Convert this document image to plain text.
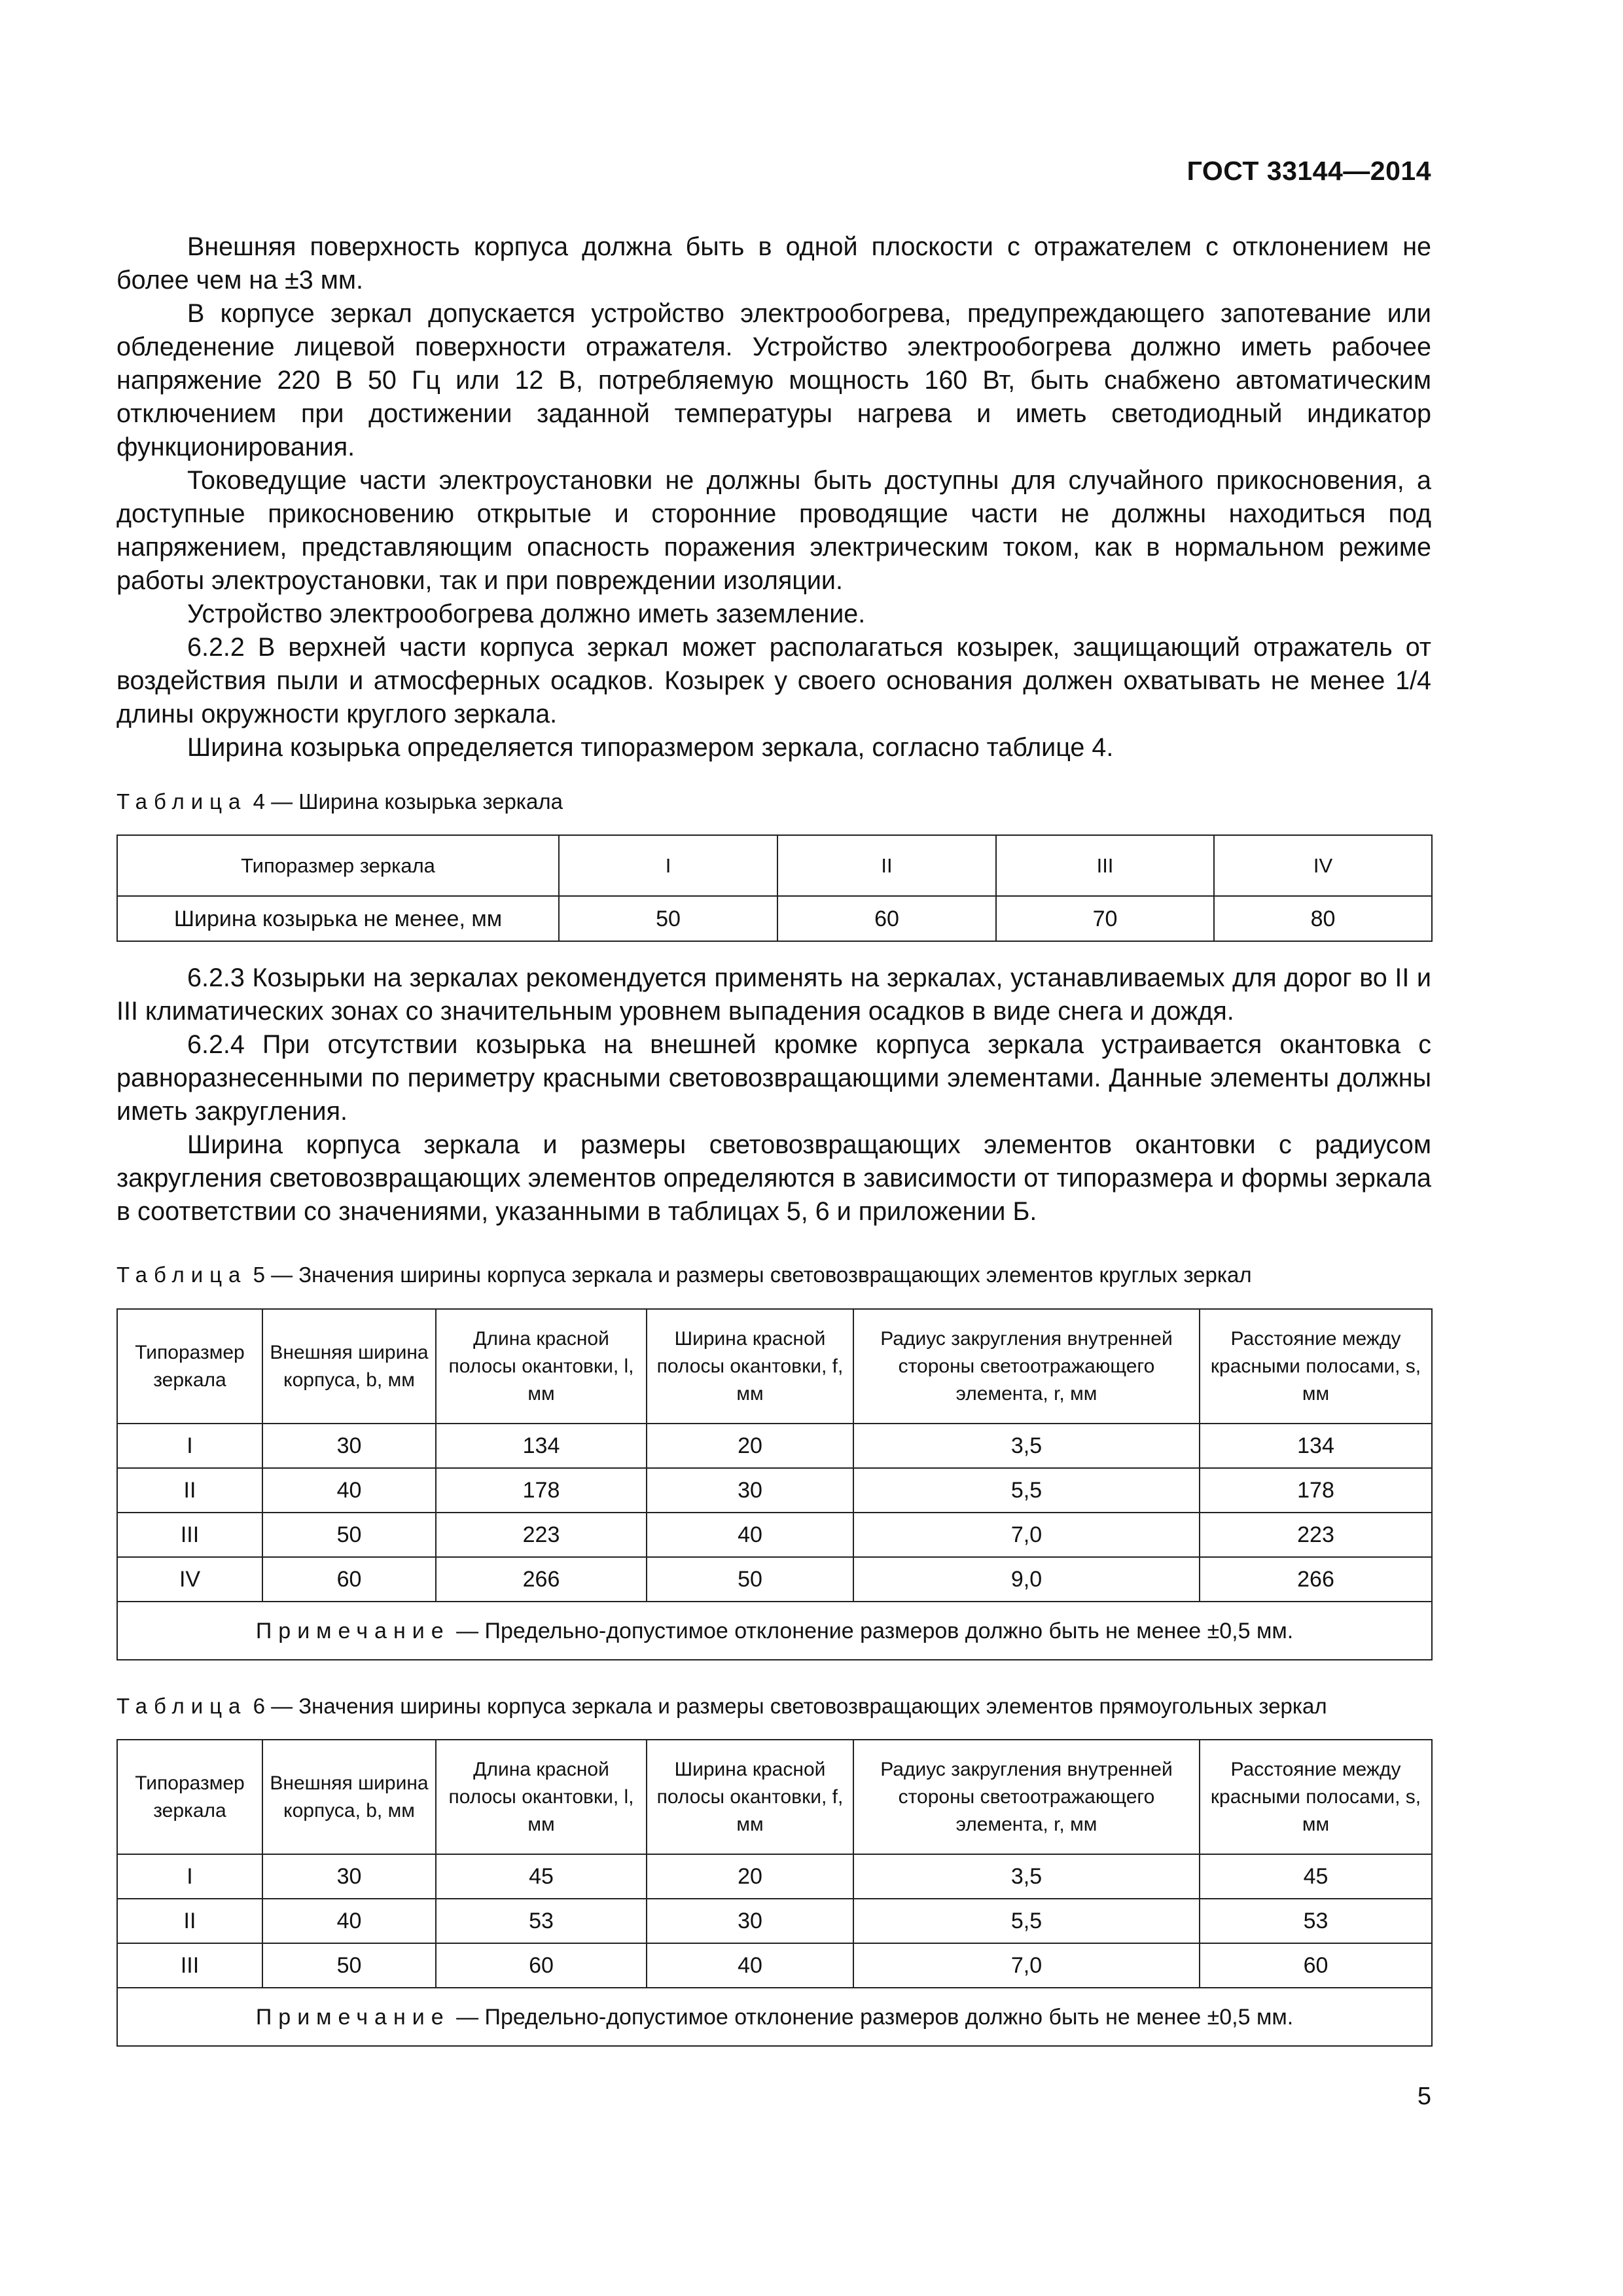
ГОСТ 33144—2014

Внешняя поверхность корпуса должна быть в одной плоскости с отражателем с отклонением не более чем на ±3 мм.

В корпусе зеркал допускается устройство электрообогрева, предупреждающего запотевание или обледенение лицевой поверхности отражателя. Устройство электрообогрева должно иметь рабочее напряжение 220 В 50 Гц или 12 В, потребляемую мощность 160 Вт, быть снабжено автоматическим отключением при достижении заданной температуры нагрева и иметь светодиодный индикатор функционирования.

Токоведущие части электроустановки не должны быть доступны для случайного прикосновения, а доступные прикосновению открытые и сторонние проводящие части не должны находиться под напряжением, представляющим опасность поражения электрическим током, как в нормальном режиме работы электроустановки, так и при повреждении изоляции.

Устройство электрообогрева должно иметь заземление.

6.2.2 В верхней части корпуса зеркал может располагаться козырек, защищающий отражатель от воздействия пыли и атмосферных осадков. Козырек у своего основания должен охватывать не менее 1/4 длины окружности круглого зеркала.

Ширина козырька определяется типоразмером зеркала, согласно таблице 4.

Таблица 4 — Ширина козырька зеркала
Типоразмер зеркала	I	II	III	IV
Ширина козырька не менее, мм	50	60	70	80

6.2.3 Козырьки на зеркалах рекомендуется применять на зеркалах, устанавливаемых для дорог во II и III климатических зонах со значительным уровнем выпадения осадков в виде снега и дождя.

6.2.4 При отсутствии козырька на внешней кромке корпуса зеркала устраивается окантовка с равноразнесенными по периметру красными световозвращающими элементами. Данные элементы должны иметь закругления.

Ширина корпуса зеркала и размеры световозвращающих элементов окантовки с радиусом закругления световозвращающих элементов определяются в зависимости от типоразмера и формы зеркала в соответствии со значениями, указанными в таблицах 5, 6 и приложении Б.

Таблица 5 — Значения ширины корпуса зеркала и размеры световозвращающих элементов круглых зеркал
Типоразмер зеркала	Внешняя ширина корпуса, b, мм	Длина красной полосы окантовки, l, мм	Ширина красной полосы окантовки, f, мм	Радиус закругления внутренней стороны светоотражающего элемента, r, мм	Расстояние между красными полосами, s, мм
I	30	134	20	3,5	134
II	40	178	30	5,5	178
III	50	223	40	7,0	223
IV	60	266	50	9,0	266
Примечание — Предельно-допустимое отклонение размеров должно быть не менее ±0,5 мм.					
Таблица 6 — Значения ширины корпуса зеркала и размеры световозвращающих элементов прямоугольных зеркал
Типоразмер зеркала	Внешняя ширина корпуса, b, мм	Длина красной полосы окантовки, l, мм	Ширина красной полосы окантовки, f, мм	Радиус закругления внутренней стороны светоотражающего элемента, r, мм	Расстояние между красными полосами, s, мм
I	30	45	20	3,5	45
II	40	53	30	5,5	53
III	50	60	40	7,0	60
Примечание — Предельно-допустимое отклонение размеров должно быть не менее ±0,5 мм.					
5
